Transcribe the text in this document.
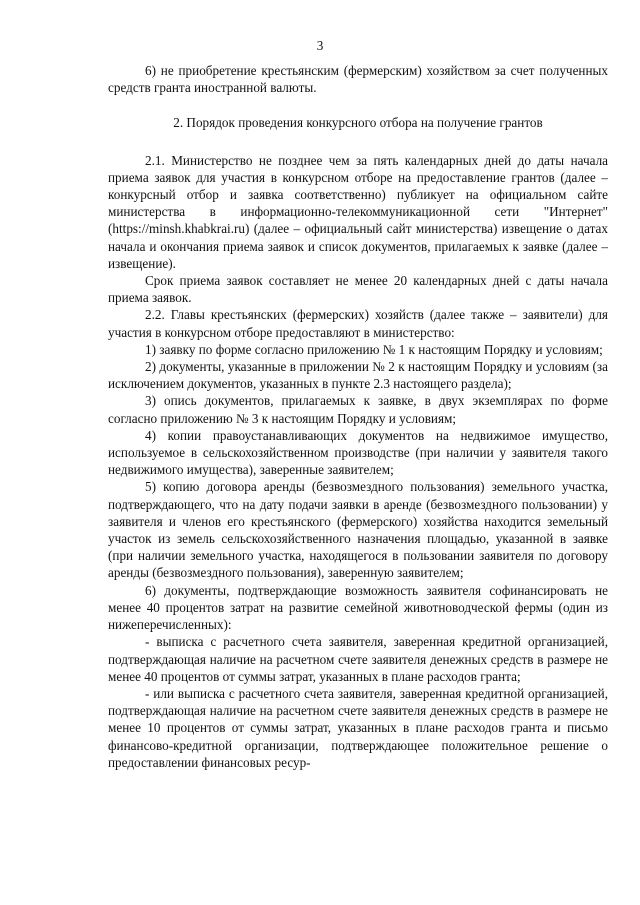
3

6) не приобретение крестьянским (фермерским) хозяйством за счет полученных средств гранта иностранной валюты.

2. Порядок проведения конкурсного отбора на получение грантов

2.1. Министерство не позднее чем за пять календарных дней до даты начала приема заявок для участия в конкурсном отборе на предоставление грантов (далее – конкурсный отбор и заявка соответственно) публикует на официальном сайте министерства в информационно-телекоммуникационной сети "Интернет" (https://minsh.khabkrai.ru) (далее – официальный сайт министерства) извещение о датах начала и окончания приема заявок и список документов, прилагаемых к заявке (далее – извещение).

Срок приема заявок составляет не менее 20 календарных дней с даты начала приема заявок.

2.2. Главы крестьянских (фермерских) хозяйств (далее также – заявители) для участия в конкурсном отборе предоставляют в министерство:

1) заявку по форме согласно приложению № 1 к настоящим Порядку и условиям;

2) документы, указанные в приложении № 2 к настоящим Порядку и условиям (за исключением документов, указанных в пункте 2.3 настоящего раздела);

3) опись документов, прилагаемых к заявке, в двух экземплярах по форме согласно приложению № 3 к настоящим Порядку и условиям;

4) копии правоустанавливающих документов на недвижимое имущество, используемое в сельскохозяйственном производстве (при наличии у заявителя такого недвижимого имущества), заверенные заявителем;

5) копию договора аренды (безвозмездного пользования) земельного участка, подтверждающего, что на дату подачи заявки в аренде (безвозмездного пользовании) у заявителя и членов его крестьянского (фермерского) хозяйства находится земельный участок из земель сельскохозяйственного назначения площадью, указанной в заявке (при наличии земельного участка, находящегося в пользовании заявителя по договору аренды (безвозмездного пользования), заверенную заявителем;

6) документы, подтверждающие возможность заявителя софинансировать не менее 40 процентов затрат на развитие семейной животноводческой фермы (один из нижеперечисленных):

- выписка с расчетного счета заявителя, заверенная кредитной организацией, подтверждающая наличие на расчетном счете заявителя денежных средств в размере не менее 40 процентов от суммы затрат, указанных в плане расходов гранта;

- или выписка с расчетного счета заявителя, заверенная кредитной организацией, подтверждающая наличие на расчетном счете заявителя денежных средств в размере не менее 10 процентов от суммы затрат, указанных в плане расходов гранта и письмо финансово-кредитной организации, подтверждающее положительное решение о предоставлении финансовых ресур-
